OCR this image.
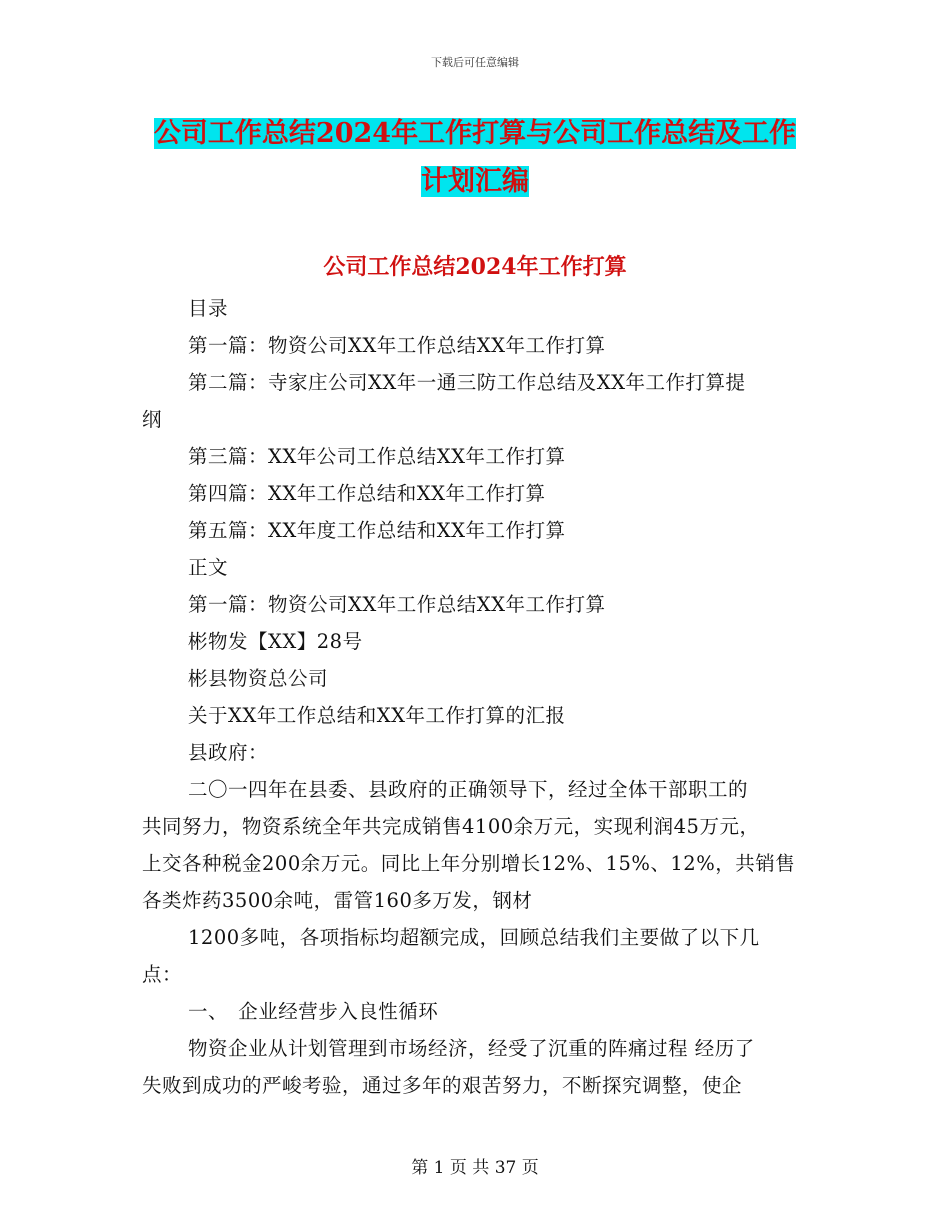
下载后可任意编辑
公司工作总结2024年工作打算与公司工作总结及工作
计划汇编
公司工作总结2024年工作打算

目录

第一篇：物资公司XX年工作总结XX年工作打算

第二篇：寺家庄公司XX年一通三防工作总结及XX年工作打算提

纲

第三篇：XX年公司工作总结XX年工作打算

第四篇：XX年工作总结和XX年工作打算

第五篇：XX年度工作总结和XX年工作打算

正文

第一篇：物资公司XX年工作总结XX年工作打算

彬物发【XX】28号

彬县物资总公司

关于XX年工作总结和XX年工作打算的汇报

县政府：

二〇一四年在县委、县政府的正确领导下，经过全体干部职工的

共同努力，物资系统全年共完成销售4100余万元，实现利润45万元，

上交各种税金200余万元。同比上年分别增长12%、15%、12%，共销售

各类炸药3500余吨，雷管160多万发，钢材

1200多吨，各项指标均超额完成，回顾总结我们主要做了以下几

点：

一、　企业经营步入良性循环

物资企业从计划管理到市场经济，经受了沉重的阵痛过程 经历了

失败到成功的严峻考验，通过多年的艰苦努力，不断探究调整，使企

第 1 页 共 37 页
